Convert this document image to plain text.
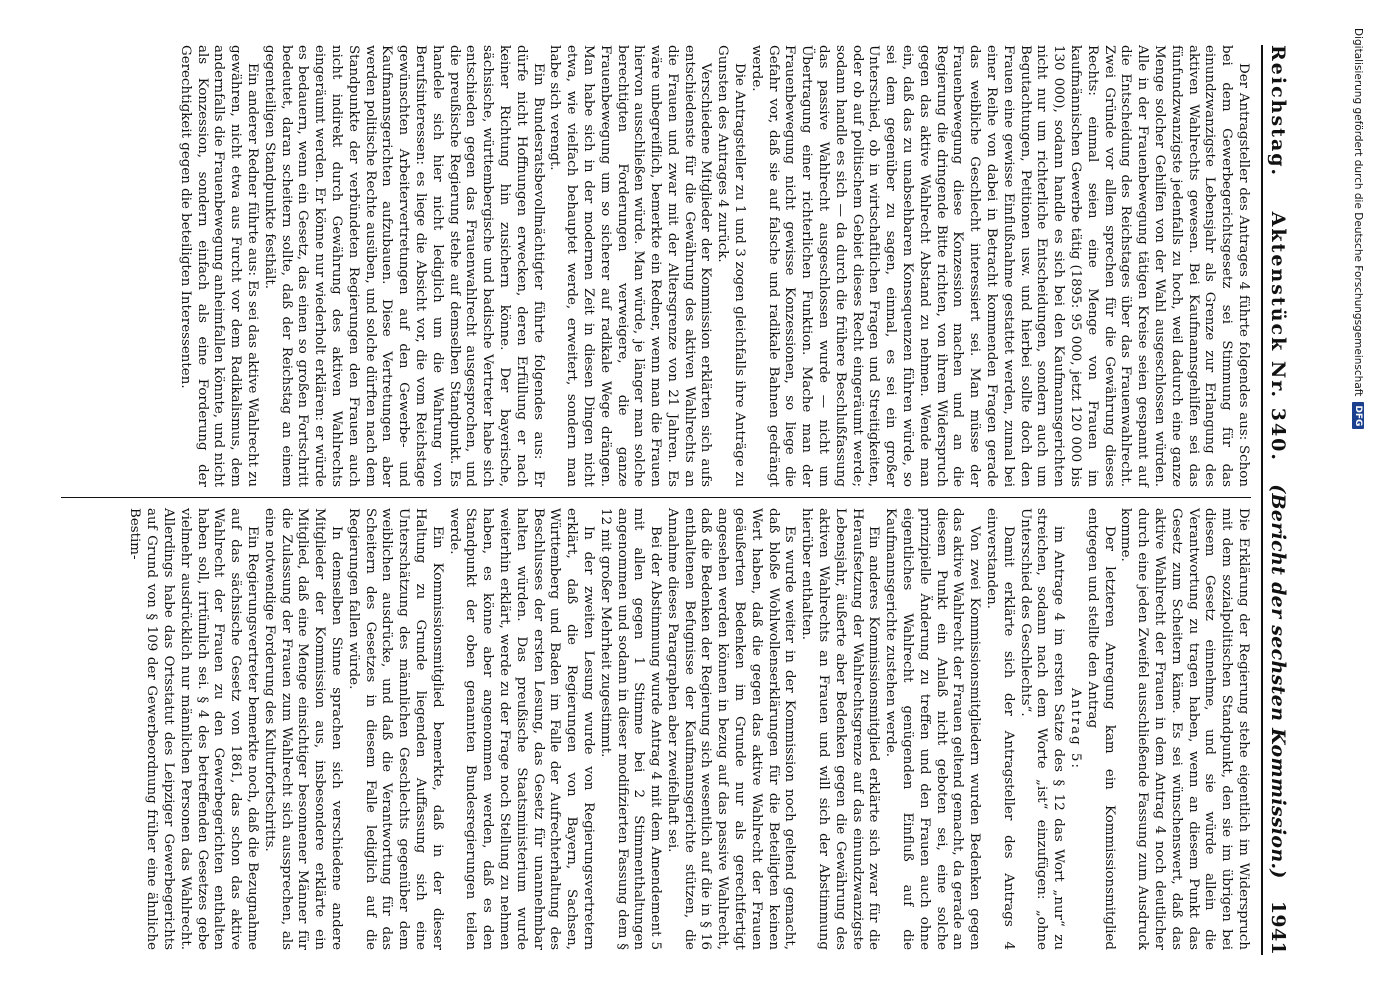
Reichstag.    Aktenstück Nr. 340.
(Bericht der sechsten Kommission.)
1941

Der Antragsteller des Antrages 4 führte folgendes aus: Schon bei dem Gewerbegerichtsgesetz sei Stimmung für das einundzwanzigste Lebensjahr als Grenze zur Erlangung des aktiven Wahlrechts gewesen. Bei Kaufmannsgehilfen sei das fünfundzwanzigste jedenfalls zu hoch, weil dadurch eine ganze Menge solcher Gehilfen von der Wahl ausgeschlossen würden. Alle in der Frauenbewegung tätigen Kreise seien gespannt auf die Entscheidung des Reichstages über das Frauenwahlrecht. Zwei Gründe vor allem sprechen für die Gewährung dieses Rechts: einmal seien eine Menge von Frauen im kaufmännischen Gewerbe tätig (1895: 95 000, jetzt 120 000 bis 130 000), sodann handle es sich bei den Kaufmannsgerichten nicht nur um richterliche Entscheidungen, sondern auch um Begutachtungen, Petitionen usw. und hierbei sollte doch den Frauen eine gewisse Einflußnahme gestattet werden, zumal bei einer Reihe von dabei in Betracht kommenden Fragen gerade das weibliche Geschlecht interessiert sei. Man müsse der Frauenbewegung diese Konzession machen und an die Regierung die dringende Bitte richten, von ihrem Widerspruch gegen das aktive Wahlrecht Abstand zu nehmen. Wende man ein, daß das zu unabsehbaren Konsequenzen führen würde, so sei dem gegenüber zu sagen, einmal, es sei ein großer Unterschied, ob in wirtschaftlichen Fragen und Streitigkeiten, oder ob auf politischem Gebiet dieses Recht eingeräumt werde; sodann handle es sich — da durch die frühere Beschlußfassung das passive Wahlrecht ausgeschlossen wurde — nicht um Übertragung einer richterlichen Funktion. Mache man der Frauenbewegung nicht gewisse Konzessionen, so liege die Gefahr vor, daß sie auf falsche und radikale Bahnen gedrängt werde.

Die Antragsteller zu 1 und 3 zogen gleichfalls ihre Anträge zu Gunsten des Antrages 4 zurück.

Verschiedene Mitglieder der Kommission erklärten sich aufs entschiedenste für die Gewährung des aktiven Wahlrechts an die Frauen und zwar mit der Altersgrenze von 21 Jahren. Es wäre unbegreiflich, bemerkte ein Redner, wenn man die Frauen hiervon ausschließen würde. Man würde, je länger man solche berechtigten Forderungen verweigere, die ganze Frauenbewegung um so sicherer auf radikale Wege drängen. Man habe sich in der modernen Zeit in diesen Dingen nicht etwa, wie vielfach behauptet werde, erweitert, sondern man habe sich verengt.

Ein Bundesratsbevollmächtigter führte folgendes aus: Er dürfe nicht Hoffnungen erwecken, deren Erfüllung er nach keiner Richtung hin zusichern könne. Der bayerische, sächsische, württembergische und badische Vertreter habe sich entschieden gegen das Frauenwahlrecht ausgesprochen, und die preußische Regierung stehe auf demselben Standpunkt. Es handele sich hier nicht lediglich um die Wahrung von Berufsinteressen: es liege die Absicht vor, die vom Reichstage gewünschten Arbeitervertretungen auf den Gewerbe- und Kaufmannsgerichten aufzubauen. Diese Vertretungen aber werden politische Rechte ausüben, und solche dürften nach dem Standpunkte der verbündeten Regierungen den Frauen auch nicht indirekt durch Gewährung des aktiven Wahlrechts eingeräumt werden. Er könne nur wiederholt erklären: er würde es bedauern, wenn ein Gesetz, das einen so großen Fortschritt bedeutet, daran scheitern sollte, daß der Reichstag an einem gegenteiligen Standpunkte festhält.

Ein anderer Redner führte aus: Es sei das aktive Wahlrecht zu gewähren, nicht etwa aus Furcht vor dem Radikalismus, dem andernfalls die Frauenbewegung anheimfallen könnte, und nicht als Konzession, sondern einfach als eine Forderung der Gerechtigkeit gegen die beteiligten Interessenten.

Die Erklärung der Regierung stehe eigentlich im Widerspruch mit dem sozialpolitischen Standpunkt, den sie im übrigen bei diesem Gesetz einnehme, und sie würde allein die Verantwortung zu tragen haben, wenn an diesem Punkt das Gesetz zum Scheitern käme. Es sei wünschenswert, daß das aktive Wahlrecht der Frauen in dem Antrag 4 noch deutlicher durch eine jeden Zweifel ausschließende Fassung zum Ausdruck komme.

Der letzteren Anregung kam ein Kommissionsmitglied entgegen und stellte den Antrag

Antrag 5:

im Antrage 4 im ersten Satze des § 12 das Wort „nur“ zu streichen, sodann nach dem Worte „ist“ einzufügen: „ohne Unterschied des Geschlechts“.

Damit erklärte sich der Antragsteller des Antrags 4 einverstanden.

Von zwei Kommissionsmitgliedern wurden Bedenken gegen das aktive Wahlrecht der Frauen geltend gemacht, da gerade an diesem Punkt ein Anlaß nicht geboten sei, eine solche prinzipielle Änderung zu treffen und den Frauen auch ohne eigentliches Wahlrecht genügenden Einfluß auf die Kaufmannsgerichte zustehen werde.

Ein anderes Kommissionsmitglied erklärte sich zwar für die Heraufsetzung der Wahlrechtsgrenze auf das einundzwanzigste Lebensjahr, äußerte aber Bedenken gegen die Gewährung des aktiven Wahlrechts an Frauen und will sich der Abstimmung hierüber enthalten.

Es wurde weiter in der Kommission noch geltend gemacht, daß bloße Wohlwollenserklärungen für die Beteiligten keinen Wert haben, daß die gegen das aktive Wahlrecht der Frauen geäußerten Bedenken im Grunde nur als gerechtfertigt angesehen werden können in bezug auf das passive Wahlrecht, daß die Bedenken der Regierung sich wesentlich auf die in § 16 enthaltenen Befugnisse der Kaufmannsgerichte stützen, die Annahme dieses Paragraphen aber zweifelhaft sei.

Bei der Abstimmung wurde Antrag 4 mit dem Amendement 5 mit allen gegen 1 Stimme bei 2 Stimmenthaltungen angenommen und sodann in dieser modifizierten Fassung dem § 12 mit großer Mehrheit zugestimmt.

In der zweiten Lesung wurde von Regierungsvertretern erklärt, daß die Regierungen von Bayern, Sachsen, Württemberg und Baden im Falle der Aufrechterhaltung des Beschlusses der ersten Lesung, das Gesetz für unannehmbar halten würden. Das preußische Staatsministerium wurde weiterhin erklärt, werde zu der Frage noch Stellung zu nehmen haben, es könne aber angenommen werden, daß es den Standpunkt der oben genannten Bundesregierungen teilen werde.

Ein Kommissionsmitglied bemerkte, daß in der dieser Haltung zu Grunde liegenden Auffassung sich eine Unterschätzung des männlichen Geschlechts gegenüber dem weiblichen ausdrücke, und daß die Verantwortung für das Scheitern des Gesetzes in diesem Falle lediglich auf die Regierungen fallen würde.

In demselben Sinne sprachen sich verschiedene andere Mitglieder der Kommission aus, insbesondere erklärte ein Mitglied, daß eine Menge einsichtiger besonnener Männer für die Zulassung der Frauen zum Wahlrecht sich aussprechen, als eine notwendige Forderung des Kulturfortschritts.

Ein Regierungsvertreter bemerkte noch, daß die Bezugnahme auf das sächsische Gesetz von 1861, das schon das aktive Wahlrecht der Frauen zu den Gewerbegerichten enthalten haben soll, irrtümlich sei. § 4 des betreffenden Gesetzes gebe vielmehr ausdrücklich nur männlichen Personen das Wahlrecht. Allerdings habe das Ortsstatut des Leipziger Gewerbegerichts auf Grund von § 109 der Gewerbeordnung früher eine ähnliche Bestim-

Digitalisierung gefördert durch die Deutsche Forschungsgemeinschaft
DFG
